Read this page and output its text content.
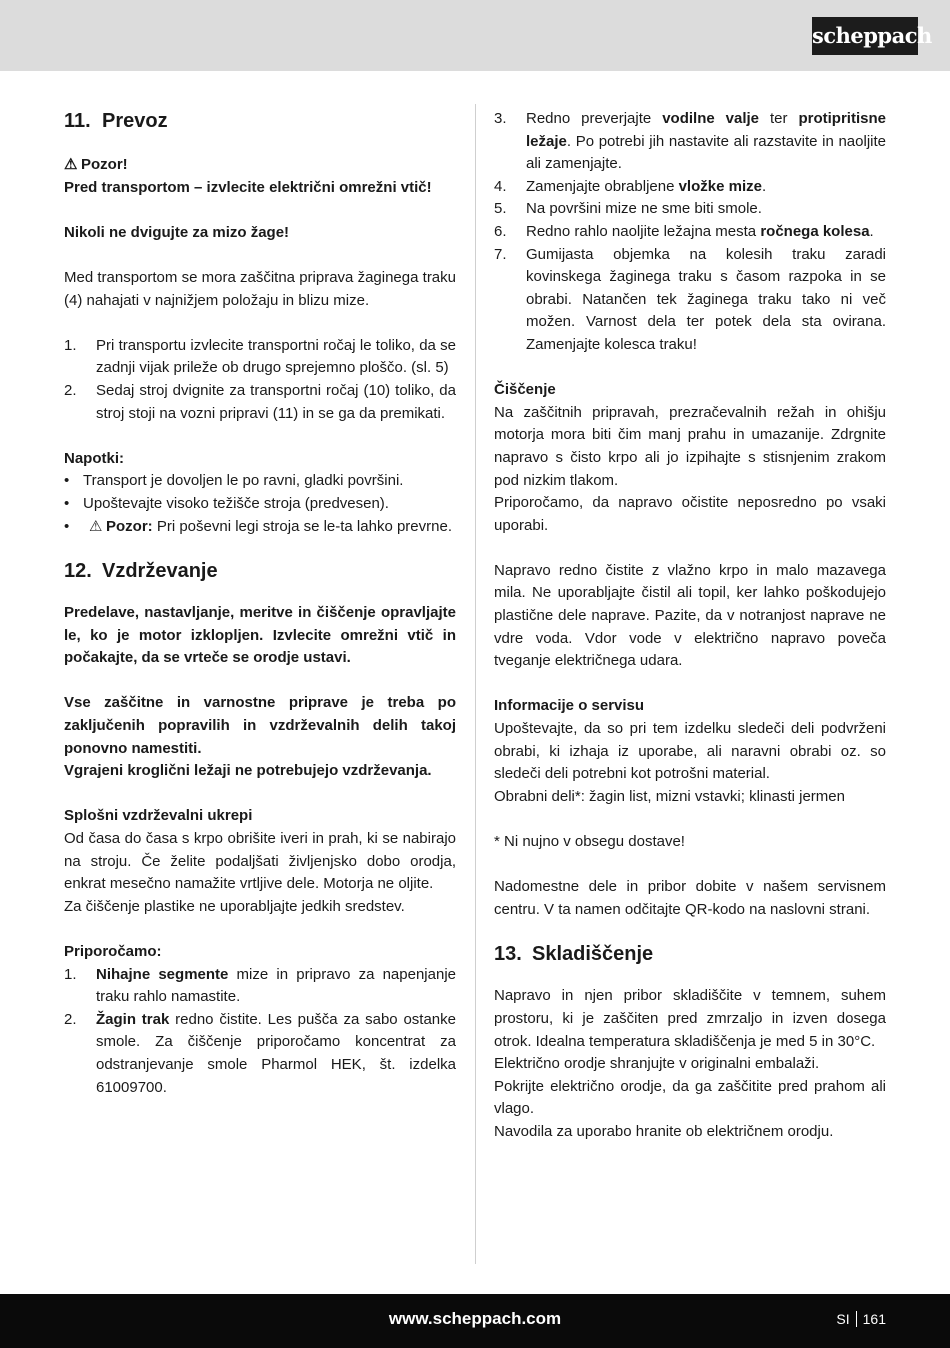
scheppach
11. Prevoz

⚠ Pozor!

Pred transportom – izvlecite električni omrežni vtič!

Nikoli ne dvigujte za mizo žage!

Med transportom se mora zaščitna priprava žaginega traku (4) nahajati v najnižjem položaju in blizu mize.

1. Pri transportu izvlecite transportni ročaj le toliko, da se zadnji vijak prileže ob drugo sprejemno ploščo. (sl. 5)
2. Sedaj stroj dvignite za transportni ročaj (10) toliko, da stroj stoji na vozni pripravi (11) in se ga da premikati.

Napotki:

• Transport je dovoljen le po ravni, gladki površini.
• Upoštevajte visoko težišče stroja (predvesen).
• ⚠ Pozor: Pri poševni legi stroja se le-ta lahko prevrne.
12. Vzdrževanje

Predelave, nastavljanje, meritve in čiščenje opravljajte le, ko je motor izklopljen. Izvlecite omrežni vtič in počakajte, da se vrteče se orodje ustavi.

Vse zaščitne in varnostne priprave je treba po zaključenih popravilih in vzdrževalnih delih takoj ponovno namestiti.

Vgrajeni kroglični ležaji ne potrebujejo vzdrževanja.

Splošni vzdrževalni ukrepi

Od časa do časa s krpo obrišite iveri in prah, ki se nabirajo na stroju. Če želite podaljšati življenjsko dobo orodja, enkrat mesečno namažite vrtljive dele. Motorja ne oljite.

Za čiščenje plastike ne uporabljajte jedkih sredstev.

Priporočamo:

1. Nihajne segmente mize in pripravo za napenjanje traku rahlo namastite.
2. Žagin trak redno čistite. Les pušča za sabo ostanke smole. Za čiščenje priporočamo koncentrat za odstranjevanje smole Pharmol HEK, št. izdelka 61009700.
3. Redno preverjajte vodilne valje ter protipritisne ležaje. Po potrebi jih nastavite ali razstavite in naoljite ali zamenjajte.
4. Zamenjajte obrabljene vložke mize.
5. Na površini mize ne sme biti smole.
6. Redno rahlo naoljite ležajna mesta ročnega kolesa.
7. Gumijasta objemka na kolesih traku zaradi kovinskega žaginega traku s časom razpoka in se obrabi. Natančen tek žaginega traku tako ni več možen. Varnost dela ter potek dela sta ovirana. Zamenjajte kolesca traku!

Čiščenje

Na zaščitnih pripravah, prezračevalnih režah in ohišju motorja mora biti čim manj prahu in umazanije. Zdrgnite napravo s čisto krpo ali jo izpihajte s stisnjenim zrakom pod nizkim tlakom.

Priporočamo, da napravo očistite neposredno po vsaki uporabi.

Napravo redno čistite z vlažno krpo in malo mazavega mila. Ne uporabljajte čistil ali topil, ker lahko poškodujejo plastične dele naprave. Pazite, da v notranjost naprave ne vdre voda. Vdor vode v električno napravo poveča tveganje električnega udara.

Informacije o servisu

Upoštevajte, da so pri tem izdelku sledeči deli podvrženi obrabi, ki izhaja iz uporabe, ali naravni obrabi oz. so sledeči deli potrebni kot potrošni material.

Obrabni deli*: žagin list, mizni vstavki; klinasti jermen

* Ni nujno v obsegu dostave!

Nadomestne dele in pribor dobite v našem servisnem centru. V ta namen odčitajte QR-kodo na naslovni strani.

13. Skladiščenje

Napravo in njen pribor skladiščite v temnem, suhem prostoru, ki je zaščiten pred zmrzaljo in izven dosega otrok. Idealna temperatura skladiščenja je med 5 in 30°C.

Električno orodje shranjujte v originalni embalaži.

Pokrijte električno orodje, da ga zaščitite pred prahom ali vlago.

Navodila za uporabo hranite ob električnem orodju.

www.scheppach.com	SI 161
